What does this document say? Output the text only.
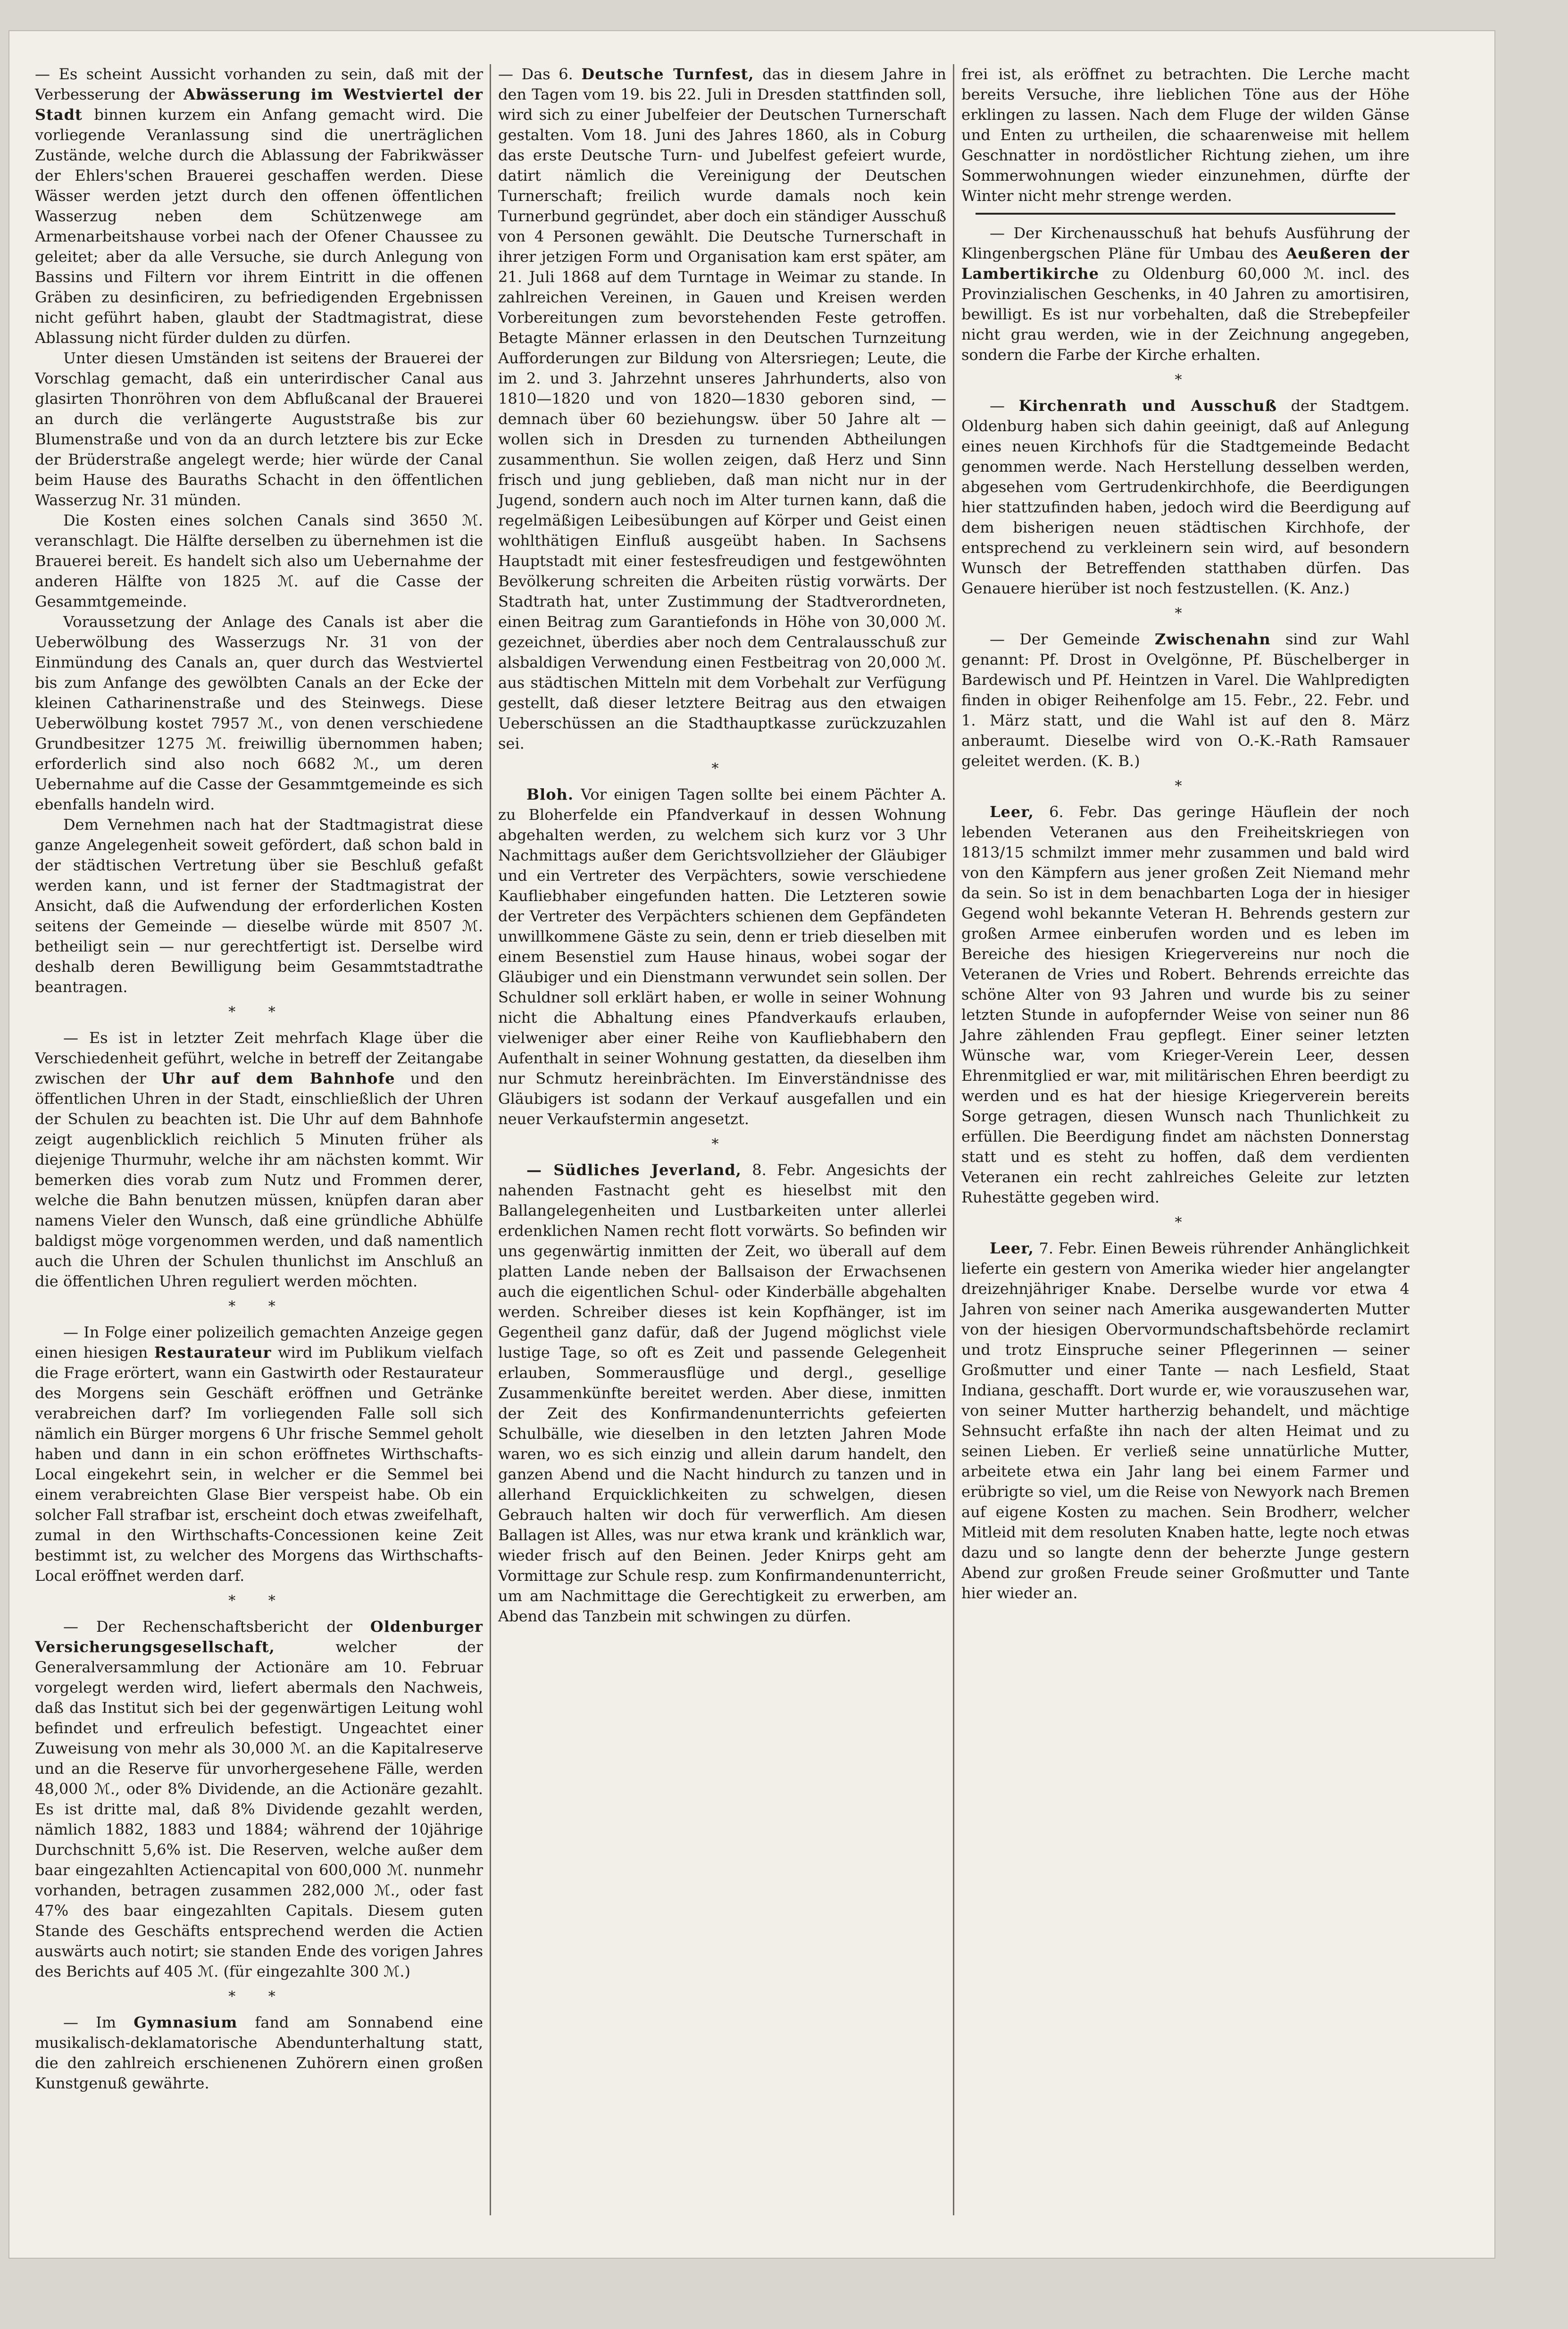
— Es scheint Aussicht vorhanden zu sein, daß mit der Verbesserung der Abwässerung im Westviertel der Stadt binnen kurzem ein Anfang gemacht wird. Die vorliegende Veranlassung sind die unerträglichen Zustände, welche durch die Ablassung der Fabrikwässer der Ehlers'schen Brauerei geschaffen werden. Diese Wässer werden jetzt durch den offenen öffentlichen Wasserzug neben dem Schützenwege am Armenarbeitshause vorbei nach der Ofener Chaussee zu geleitet; aber da alle Versuche, sie durch Anlegung von Bassins und Filtern vor ihrem Eintritt in die offenen Gräben zu desinficiren, zu befriedigenden Ergebnissen nicht geführt haben, glaubt der Stadtmagistrat, diese Ablassung nicht fürder dulden zu dürfen.

Unter diesen Umständen ist seitens der Brauerei der Vorschlag gemacht, daß ein unterirdischer Canal aus glasirten Thonröhren von dem Abflußcanal der Brauerei an durch die verlängerte Auguststraße bis zur Blumenstraße und von da an durch letztere bis zur Ecke der Brüderstraße angelegt werde; hier würde der Canal beim Hause des Bauraths Schacht in den öffentlichen Wasserzug Nr. 31 münden.

Die Kosten eines solchen Canals sind 3650 ℳ. veranschlagt. Die Hälfte derselben zu übernehmen ist die Brauerei bereit. Es handelt sich also um Uebernahme der anderen Hälfte von 1825 ℳ. auf die Casse der Gesammtgemeinde.

Voraussetzung der Anlage des Canals ist aber die Ueberwölbung des Wasserzugs Nr. 31 von der Einmündung des Canals an, quer durch das Westviertel bis zum Anfange des gewölbten Canals an der Ecke der kleinen Catharinenstraße und des Steinwegs. Diese Ueberwölbung kostet 7957 ℳ., von denen verschiedene Grundbesitzer 1275 ℳ. freiwillig übernommen haben; erforderlich sind also noch 6682 ℳ., um deren Uebernahme auf die Casse der Gesammtgemeinde es sich ebenfalls handeln wird.

Dem Vernehmen nach hat der Stadtmagistrat diese ganze Angelegenheit soweit gefördert, daß schon bald in der städtischen Vertretung über sie Beschluß gefaßt werden kann, und ist ferner der Stadtmagistrat der Ansicht, daß die Aufwendung der erforderlichen Kosten seitens der Gemeinde — dieselbe würde mit 8507 ℳ. betheiligt sein — nur gerechtfertigt ist. Derselbe wird deshalb deren Bewilligung beim Gesammtstadtrathe beantragen.

* *

— Es ist in letzter Zeit mehrfach Klage über die Verschiedenheit geführt, welche in betreff der Zeitangabe zwischen der Uhr auf dem Bahnhofe und den öffentlichen Uhren in der Stadt, einschließlich der Uhren der Schulen zu beachten ist. Die Uhr auf dem Bahnhofe zeigt augenblicklich reichlich 5 Minuten früher als diejenige Thurmuhr, welche ihr am nächsten kommt. Wir bemerken dies vorab zum Nutz und Frommen derer, welche die Bahn benutzen müssen, knüpfen daran aber namens Vieler den Wunsch, daß eine gründliche Abhülfe baldigst möge vorgenommen werden, und daß namentlich auch die Uhren der Schulen thunlichst im Anschluß an die öffentlichen Uhren reguliert werden möchten.

* *

— In Folge einer polizeilich gemachten Anzeige gegen einen hiesigen Restaurateur wird im Publikum vielfach die Frage erörtert, wann ein Gastwirth oder Restaurateur des Morgens sein Geschäft eröffnen und Getränke verabreichen darf? Im vorliegenden Falle soll sich nämlich ein Bürger morgens 6 Uhr frische Semmel geholt haben und dann in ein schon eröffnetes Wirthschafts-Local eingekehrt sein, in welcher er die Semmel bei einem verabreichten Glase Bier verspeist habe. Ob ein solcher Fall strafbar ist, erscheint doch etwas zweifelhaft, zumal in den Wirthschafts-Concessionen keine Zeit bestimmt ist, zu welcher des Morgens das Wirthschafts-Local eröffnet werden darf.

* *

— Der Rechenschaftsbericht der Oldenburger Versicherungsgesellschaft,	welcher der Generalversammlung der Actionäre am 10. Februar vorgelegt werden wird, liefert abermals den Nachweis, daß das Institut sich bei der gegenwärtigen Leitung wohl befindet und erfreulich befestigt. Ungeachtet einer Zuweisung von mehr als 30,000 ℳ. an die Kapitalreserve und an die Reserve für unvorhergesehene Fälle, werden 48,000 ℳ., oder 8% Dividende, an die Actionäre gezahlt. Es ist dritte mal, daß 8% Dividende gezahlt werden, nämlich 1882, 1883 und 1884; während der 10jährige Durchschnitt 5,6% ist. Die Reserven, welche außer dem baar eingezahlten Actiencapital von 600,000 ℳ. nunmehr vorhanden, betragen zusammen 282,000 ℳ., oder fast 47% des baar eingezahlten Capitals. Diesem guten Stande des Geschäfts entsprechend werden die Actien auswärts auch notirt; sie standen Ende des vorigen Jahres des Berichts auf 405 ℳ. (für eingezahlte 300 ℳ.)

* *

— Im Gymnasium fand am Sonnabend eine musikalisch-deklamatorische Abendunterhaltung statt, die den zahlreich erschienenen Zuhörern einen großen Kunstgenuß gewährte.

— Das 6. Deutsche Turnfest, das in diesem Jahre in den Tagen vom 19. bis 22. Juli in Dresden stattfinden soll, wird sich zu einer Jubelfeier der Deutschen Turnerschaft gestalten. Vom 18. Juni des Jahres 1860, als in Coburg das erste Deutsche Turn- und Jubelfest gefeiert wurde, datirt nämlich die Vereinigung der Deutschen Turnerschaft; freilich wurde damals noch kein Turnerbund gegründet, aber doch ein ständiger Ausschuß von 4 Personen gewählt. Die Deutsche Turnerschaft in ihrer jetzigen Form und Organisation kam erst später, am 21. Juli 1868 auf dem Turntage in Weimar zu stande. In zahlreichen Vereinen, in Gauen und Kreisen werden Vorbereitungen zum bevorstehenden Feste getroffen. Betagte Männer erlassen in den Deutschen Turnzeitung Aufforderungen zur Bildung von Altersriegen; Leute, die im 2. und 3. Jahrzehnt unseres Jahrhunderts, also von 1810—1820 und von 1820—1830 geboren sind, — demnach über 60 beziehungsw. über 50 Jahre alt — wollen sich in Dresden zu turnenden Abtheilungen zusammenthun. Sie wollen zeigen, daß Herz und Sinn frisch und jung geblieben, daß man nicht nur in der Jugend, sondern auch noch im Alter turnen kann, daß die regelmäßigen Leibesübungen auf Körper und Geist einen wohlthätigen Einfluß ausgeübt haben. In Sachsens Hauptstadt mit einer festesfreudigen und festgewöhnten Bevölkerung schreiten die Arbeiten rüstig vorwärts. Der Stadtrath hat, unter Zustimmung der Stadtverordneten, einen Beitrag zum Garantiefonds in Höhe von 30,000 ℳ. gezeichnet, überdies aber noch dem Centralausschuß zur alsbaldigen Verwendung einen Festbeitrag von 20,000 ℳ. aus städtischen Mitteln mit dem Vorbehalt zur Verfügung gestellt, daß dieser letztere Beitrag aus den etwaigen Ueberschüssen an die Stadthauptkasse zurückzuzahlen sei.

*

Bloh. Vor einigen Tagen sollte bei einem Pächter A. zu Bloherfelde ein Pfandverkauf in dessen Wohnung abgehalten werden, zu welchem sich kurz vor 3 Uhr Nachmittags außer dem Gerichtsvollzieher der Gläubiger und ein Vertreter des Verpächters, sowie verschiedene Kaufliebhaber eingefunden hatten. Die Letzteren sowie der Vertreter des Verpächters schienen dem Gepfändeten unwillkommene Gäste zu sein, denn er trieb dieselben mit einem Besenstiel zum Hause hinaus, wobei sogar der Gläubiger und ein Dienstmann verwundet sein sollen. Der Schuldner soll erklärt haben, er wolle in seiner Wohnung nicht die Abhaltung eines Pfandverkaufs erlauben, vielweniger aber einer Reihe von Kaufliebhabern den Aufenthalt in seiner Wohnung gestatten, da dieselben ihm nur Schmutz hereinbrächten. Im Einverständnisse des Gläubigers ist sodann der Verkauf ausgefallen und ein neuer Verkaufstermin angesetzt.

*

— Südliches Jeverland, 8. Febr. Angesichts der nahenden Fastnacht geht es hieselbst mit den Ballangelegenheiten und Lustbarkeiten unter allerlei erdenklichen Namen recht flott vorwärts. So befinden wir uns gegenwärtig inmitten der Zeit, wo überall auf dem platten Lande neben der Ballsaison der Erwachsenen auch die eigentlichen Schul- oder Kinderbälle abgehalten werden. Schreiber dieses ist kein Kopfhänger, ist im Gegentheil ganz dafür, daß der Jugend möglichst viele lustige Tage, so oft es Zeit und passende Gelegenheit erlauben, Sommerausflüge und dergl., gesellige Zusammenkünfte bereitet werden. Aber diese, inmitten der Zeit des Konfirmandenunterrichts gefeierten Schulbälle, wie dieselben in den letzten Jahren Mode waren, wo es sich einzig und allein darum handelt, den ganzen Abend und die Nacht hindurch zu tanzen und in allerhand Erquicklichkeiten zu schwelgen, diesen Gebrauch halten wir doch für verwerflich. Am diesen Ballagen ist Alles, was nur etwa krank und kränklich war, wieder frisch auf den Beinen. Jeder Knirps geht am Vormittage zur Schule resp. zum Konfirmandenunterricht, um am Nachmittage die Gerechtigkeit zu erwerben, am Abend das Tanzbein mit schwingen zu dürfen.

frei ist, als eröffnet zu betrachten. Die Lerche macht bereits Versuche, ihre lieblichen Töne aus der Höhe erklingen zu lassen. Nach dem Fluge der wilden Gänse und Enten zu urtheilen, die schaarenweise mit hellem Geschnatter in nordöstlicher Richtung ziehen, um ihre Sommerwohnungen wieder einzunehmen, dürfte der Winter nicht mehr strenge werden.

— Der Kirchenausschuß hat behufs Ausführung der Klingenbergschen Pläne für Umbau des Aeußeren der Lambertikirche zu Oldenburg 60,000 ℳ. incl. des Provinzialischen Geschenks, in 40 Jahren zu amortisiren, bewilligt. Es ist nur vorbehalten, daß die Strebepfeiler nicht grau werden, wie in der Zeichnung angegeben, sondern die Farbe der Kirche erhalten.

*

— Kirchenrath und Ausschuß der Stadtgem. Oldenburg haben sich dahin geeinigt, daß auf Anlegung eines neuen Kirchhofs für die Stadtgemeinde Bedacht genommen werde. Nach Herstellung desselben werden, abgesehen vom Gertrudenkirchhofe, die Beerdigungen hier stattzufinden haben, jedoch wird die Beerdigung auf dem bisherigen neuen städtischen Kirchhofe, der entsprechend zu verkleinern sein wird, auf besondern Wunsch der Betreffenden statthaben dürfen. Das Genauere hierüber ist noch festzustellen. (K. Anz.)

*

— Der Gemeinde Zwischenahn sind zur Wahl genannt: Pf. Drost in Ovelgönne, Pf. Büschelberger in Bardewisch und Pf. Heintzen in Varel. Die Wahlpredigten finden in obiger Reihenfolge am 15. Febr., 22. Febr. und 1. März statt, und die Wahl ist auf den 8. März anberaumt. Dieselbe wird von O.-K.-Rath Ramsauer geleitet werden. (K. B.)

*

Leer, 6. Febr. Das geringe Häuflein der noch lebenden Veteranen aus den Freiheitskriegen von 1813/15 schmilzt immer mehr zusammen und bald wird von den Kämpfern aus jener großen Zeit Niemand mehr da sein. So ist in dem benachbarten Loga der in hiesiger Gegend wohl bekannte Veteran H. Behrends gestern zur großen Armee einberufen worden und es leben im Bereiche des hiesigen Kriegervereins nur noch die Veteranen de Vries und Robert. Behrends erreichte das schöne Alter von 93 Jahren und wurde bis zu seiner letzten Stunde in aufopfernder Weise von seiner nun 86 Jahre zählenden Frau gepflegt. Einer seiner letzten Wünsche war, vom Krieger-Verein Leer, dessen Ehrenmitglied er war, mit militärischen Ehren beerdigt zu werden und es hat der hiesige Kriegerverein bereits Sorge getragen, diesen Wunsch nach Thunlichkeit zu erfüllen. Die Beerdigung findet am nächsten Donnerstag statt und es steht zu hoffen, daß dem verdienten Veteranen ein recht zahlreiches Geleite zur letzten Ruhestätte gegeben wird.

*

Leer, 7. Febr. Einen Beweis rührender Anhänglichkeit lieferte ein gestern von Amerika wieder hier angelangter dreizehnjähriger Knabe. Derselbe wurde vor etwa 4 Jahren von seiner nach Amerika ausgewanderten Mutter von der hiesigen Obervormundschaftsbehörde reclamirt und trotz Einspruche seiner Pflegerinnen — seiner Großmutter und einer Tante — nach Lesfield, Staat Indiana, geschafft. Dort wurde er, wie vorauszusehen war, von seiner Mutter hartherzig behandelt, und mächtige Sehnsucht erfaßte ihn nach der alten Heimat und zu seinen Lieben. Er verließ seine unnatürliche Mutter, arbeitete etwa ein Jahr lang bei einem Farmer und erübrigte so viel, um die Reise von Newyork nach Bremen auf eigene Kosten zu machen. Sein Brodherr, welcher Mitleid mit dem resoluten Knaben hatte, legte noch etwas dazu und so langte denn der beherzte Junge gestern Abend zur großen Freude seiner Großmutter und Tante hier wieder an.
